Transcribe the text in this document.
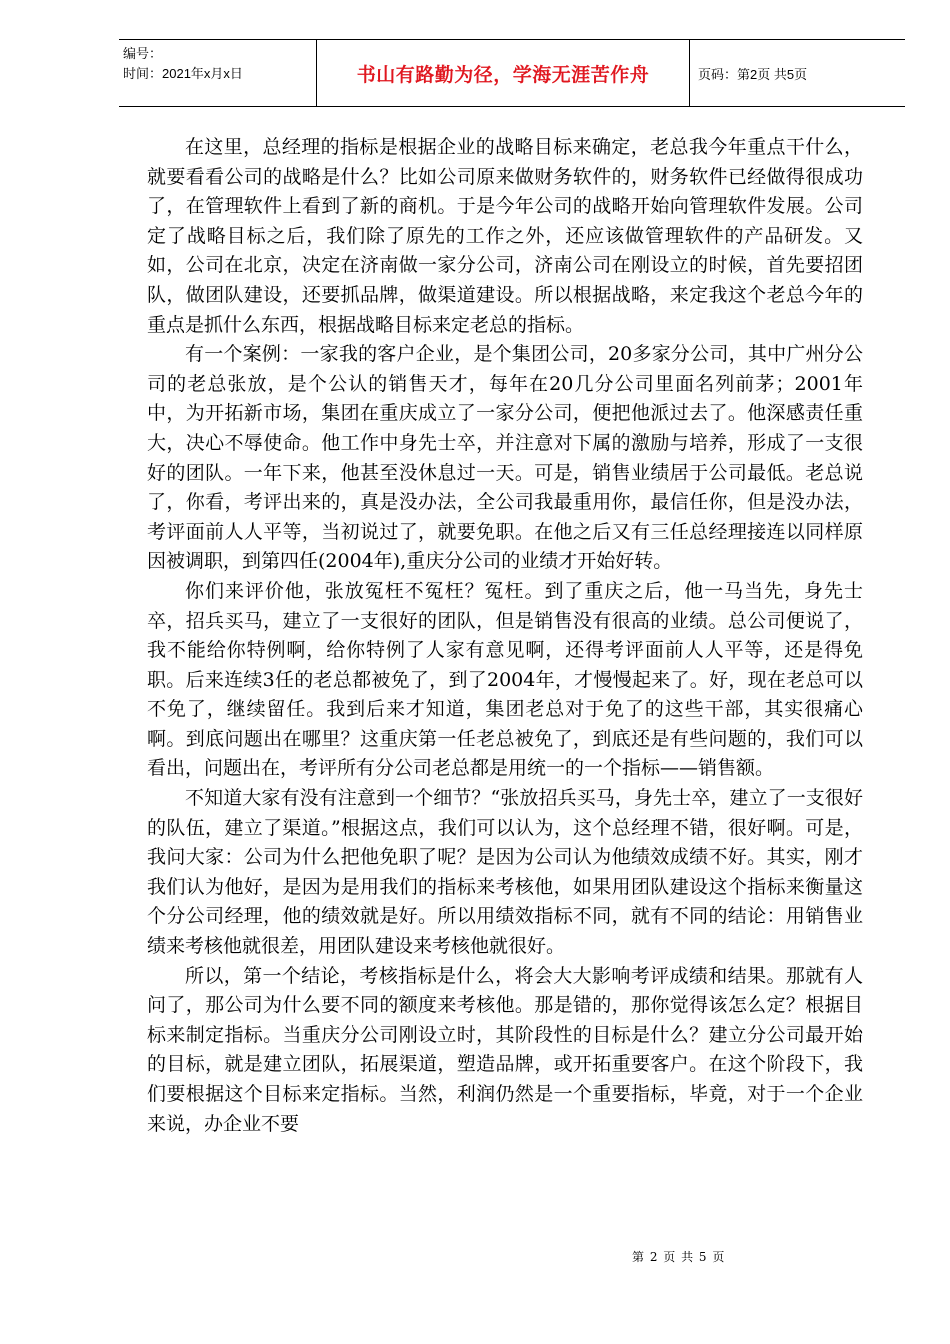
编号：
时间：2021年x月x日	书山有路勤为径，学海无涯苦作舟	页码：第2页 共5页

在这里，总经理的指标是根据企业的战略目标来确定，老总我今年重点干什么，就要看看公司的战略是什么？比如公司原来做财务软件的，财务软件已经做得很成功了，在管理软件上看到了新的商机。于是今年公司的战略开始向管理软件发展。公司定了战略目标之后，我们除了原先的工作之外，还应该做管理软件的产品研发。又如，公司在北京，决定在济南做一家分公司，济南公司在刚设立的时候，首先要招团队，做团队建设，还要抓品牌，做渠道建设。所以根据战略，来定我这个老总今年的重点是抓什么东西，根据战略目标来定老总的指标。

有一个案例：一家我的客户企业，是个集团公司，20多家分公司，其中广州分公司的老总张放，是个公认的销售天才，每年在20几分公司里面名列前茅；2001年中，为开拓新市场，集团在重庆成立了一家分公司，便把他派过去了。他深感责任重大，决心不辱使命。他工作中身先士卒，并注意对下属的激励与培养，形成了一支很好的团队。一年下来，他甚至没休息过一天。可是，销售业绩居于公司最低。老总说了，你看，考评出来的，真是没办法，全公司我最重用你，最信任你，但是没办法，考评面前人人平等，当初说过了，就要免职。在他之后又有三任总经理接连以同样原因被调职，到第四任(2004年),重庆分公司的业绩才开始好转。

你们来评价他，张放冤枉不冤枉？冤枉。到了重庆之后，他一马当先，身先士卒，招兵买马，建立了一支很好的团队，但是销售没有很高的业绩。总公司便说了，我不能给你特例啊，给你特例了人家有意见啊，还得考评面前人人平等，还是得免职。后来连续3任的老总都被免了，到了2004年，才慢慢起来了。好，现在老总可以不免了，继续留任。我到后来才知道，集团老总对于免了的这些干部，其实很痛心啊。到底问题出在哪里？这重庆第一任老总被免了，到底还是有些问题的，我们可以看出，问题出在，考评所有分公司老总都是用统一的一个指标——销售额。

不知道大家有没有注意到一个细节？“张放招兵买马，身先士卒，建立了一支很好的队伍，建立了渠道。”根据这点，我们可以认为，这个总经理不错，很好啊。可是，我问大家：公司为什么把他免职了呢？是因为公司认为他绩效成绩不好。其实，刚才我们认为他好，是因为是用我们的指标来考核他，如果用团队建设这个指标来衡量这个分公司经理，他的绩效就是好。所以用绩效指标不同，就有不同的结论：用销售业绩来考核他就很差，用团队建设来考核他就很好。

所以，第一个结论，考核指标是什么，将会大大影响考评成绩和结果。那就有人问了，那公司为什么要不同的额度来考核他。那是错的，那你觉得该怎么定？根据目标来制定指标。当重庆分公司刚设立时，其阶段性的目标是什么？建立分公司最开始的目标，就是建立团队，拓展渠道，塑造品牌，或开拓重要客户。在这个阶段下，我们要根据这个目标来定指标。当然，利润仍然是一个重要指标，毕竟，对于一个企业来说，办企业不要

第 2 页 共 5 页
